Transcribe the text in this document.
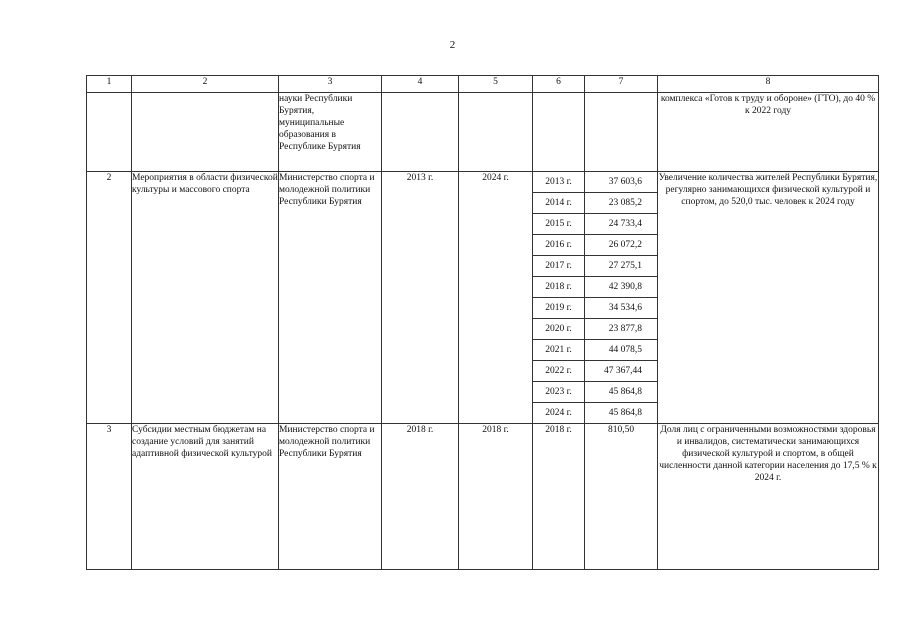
2
1	2	3	4	5	6	7	8
		науки Республики Бурятия, муниципальные образования в Республике Бурятия					комплекса «Готов к труду и обороне» (ГТО), до 40 % к 2022 году
2	Мероприятия в области физической культуры и массового спорта	Министерство спорта и молодежной политики Республики Бурятия	2013 г.	2024 г.	2013 г.	37 603,6	Увеличение количества жителей Республики Бурятия, регулярно занимающихся физической культурой и спортом, до 520,0 тыс. человек к 2024 году
					2014 г.	23 085,2	
					2015 г.	24 733,4	
					2016 г.	26 072,2	
					2017 г.	27 275,1	
					2018 г.	42 390,8	
					2019 г.	34 534,6	
					2020 г.	23 877,8	
					2021 г.	44 078,5	
					2022 г.	47 367,44	
					2023 г.	45 864,8	
					2024 г.	45 864,8	
3	Субсидии местным бюджетам на создание условий для занятий адаптивной физической культурой	Министерство спорта и молодежной политики Республики Бурятия	2018 г.	2018 г.	2018 г.	810,50	Доля лиц с ограниченными возможностями здоровья и инвалидов, систематически занимающихся физической культурой и спортом, в общей численности данной категории населения до 17,5 % к 2024 г.
